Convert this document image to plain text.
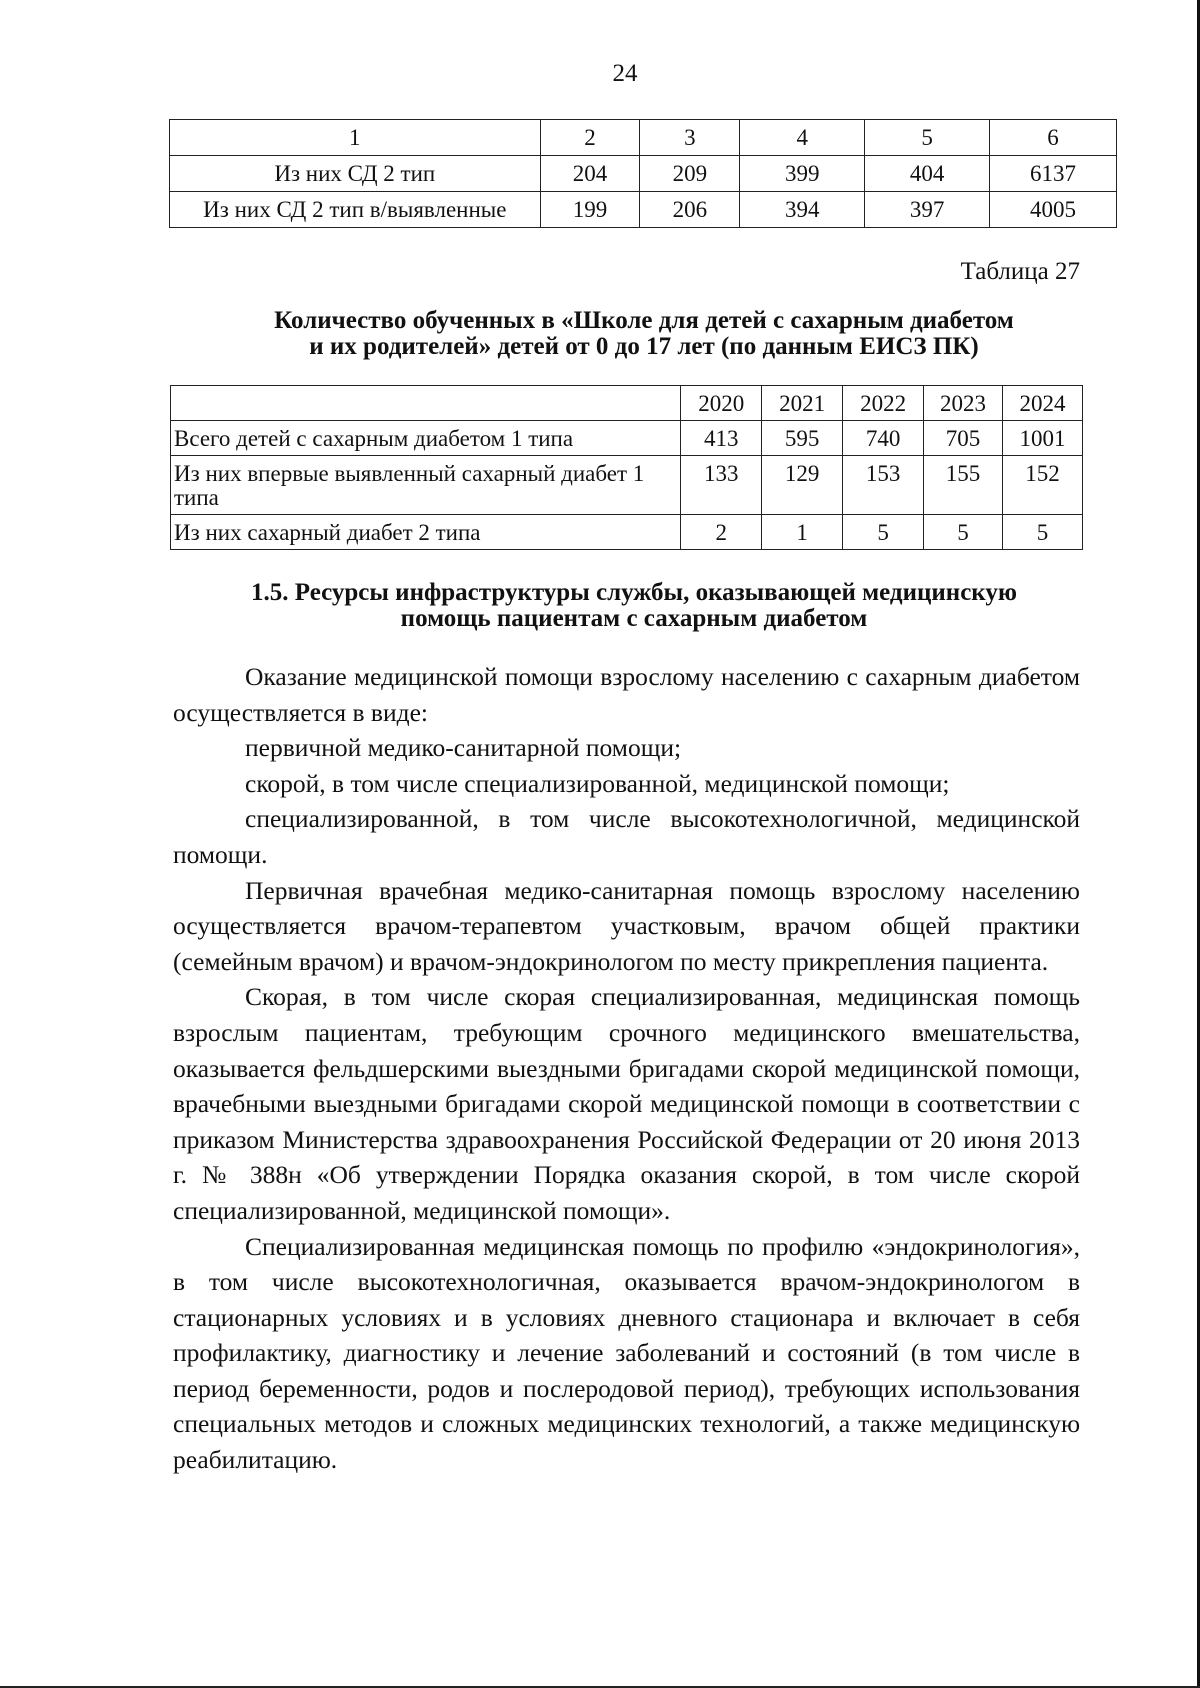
24
1	2	3	4	5	6
Из них СД 2 тип	204	209	399	404	6137
Из них СД 2 тип в/выявленные	199	206	394	397	4005
Таблица 27
Количество обученных в «Школе для детей с сахарным диабетом
и их родителей» детей от 0 до 17 лет (по данным ЕИСЗ ПК)
	2020	2021	2022	2023	2024
Всего детей с сахарным диабетом 1 типа	413	595	740	705	1001
Из них впервые выявленный сахарный диабет 1 типа	133	129	153	155	152
Из них сахарный диабет 2 типа	2	1	5	5	5
1.5. Ресурсы инфраструктуры службы, оказывающей медицинскую
помощь пациентам с сахарным диабетом

Оказание медицинской помощи взрослому населению с сахарным диабетом осуществляется в виде:

первичной медико-санитарной помощи;

скорой, в том числе специализированной, медицинской помощи;

специализированной, в том числе высокотехнологичной, медицинской помощи.

Первичная врачебная медико-санитарная помощь взрослому населению осуществляется врачом-терапевтом участковым, врачом общей практики (семейным врачом) и врачом-эндокринологом по месту прикрепления пациента.

Скорая, в том числе скорая специализированная, медицинская помощь взрослым пациентам, требующим срочного медицинского вмешательства, оказывается фельдшерскими выездными бригадами скорой медицинской помощи, врачебными выездными бригадами скорой медицинской помощи в соответствии с приказом Министерства здравоохранения Российской Федерации от 20 июня 2013 г. № 388н «Об утверждении Порядка оказания скорой, в том числе скорой специализированной, медицинской помощи».

Специализированная медицинская помощь по профилю «эндокринология», в том числе высокотехнологичная, оказывается врачом-эндокринологом в стационарных условиях и в условиях дневного стационара и включает в себя профилактику, диагностику и лечение заболеваний и состояний (в том числе в период беременности, родов и послеродовой период), требующих использования специальных методов и сложных медицинских технологий, а также медицинскую реабилитацию.
